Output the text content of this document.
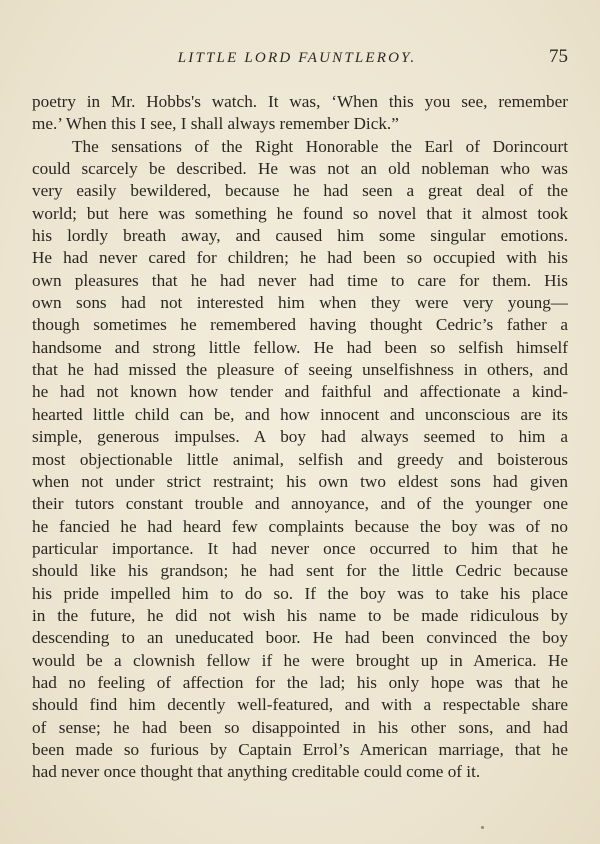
LITTLE LORD FAUNTLEROY.	75
poetry in Mr. Hobbs's watch. It was, ‘When this you see, remember
me.’ When this I see, I shall always remember Dick.”
The sensations of the Right Honorable the Earl of Dorincourt
could scarcely be described. He was not an old nobleman who was
very easily bewildered, because he had seen a great deal of the
world; but here was something he found so novel that it almost took
his lordly breath away, and caused him some singular emotions.
He had never cared for children; he had been so occupied with his
own pleasures that he had never had time to care for them. His
own sons had not interested him when they were very young—
though sometimes he remembered having thought Cedric’s father a
handsome and strong little fellow. He had been so selfish himself
that he had missed the pleasure of seeing unselfishness in others, and
he had not known how tender and faithful and affectionate a kind-
hearted little child can be, and how innocent and unconscious are its
simple, generous impulses. A boy had always seemed to him a
most objectionable little animal, selfish and greedy and boisterous
when not under strict restraint; his own two eldest sons had given
their tutors constant trouble and annoyance, and of the younger one
he fancied he had heard few complaints because the boy was of no
particular importance. It had never once occurred to him that he
should like his grandson; he had sent for the little Cedric because
his pride impelled him to do so. If the boy was to take his place
in the future, he did not wish his name to be made ridiculous by
descending to an uneducated boor. He had been convinced the boy
would be a clownish fellow if he were brought up in America. He
had no feeling of affection for the lad; his only hope was that he
should find him decently well-featured, and with a respectable share
of sense; he had been so disappointed in his other sons, and had
been made so furious by Captain Errol’s American marriage, that he
had never once thought that anything creditable could come of it.
